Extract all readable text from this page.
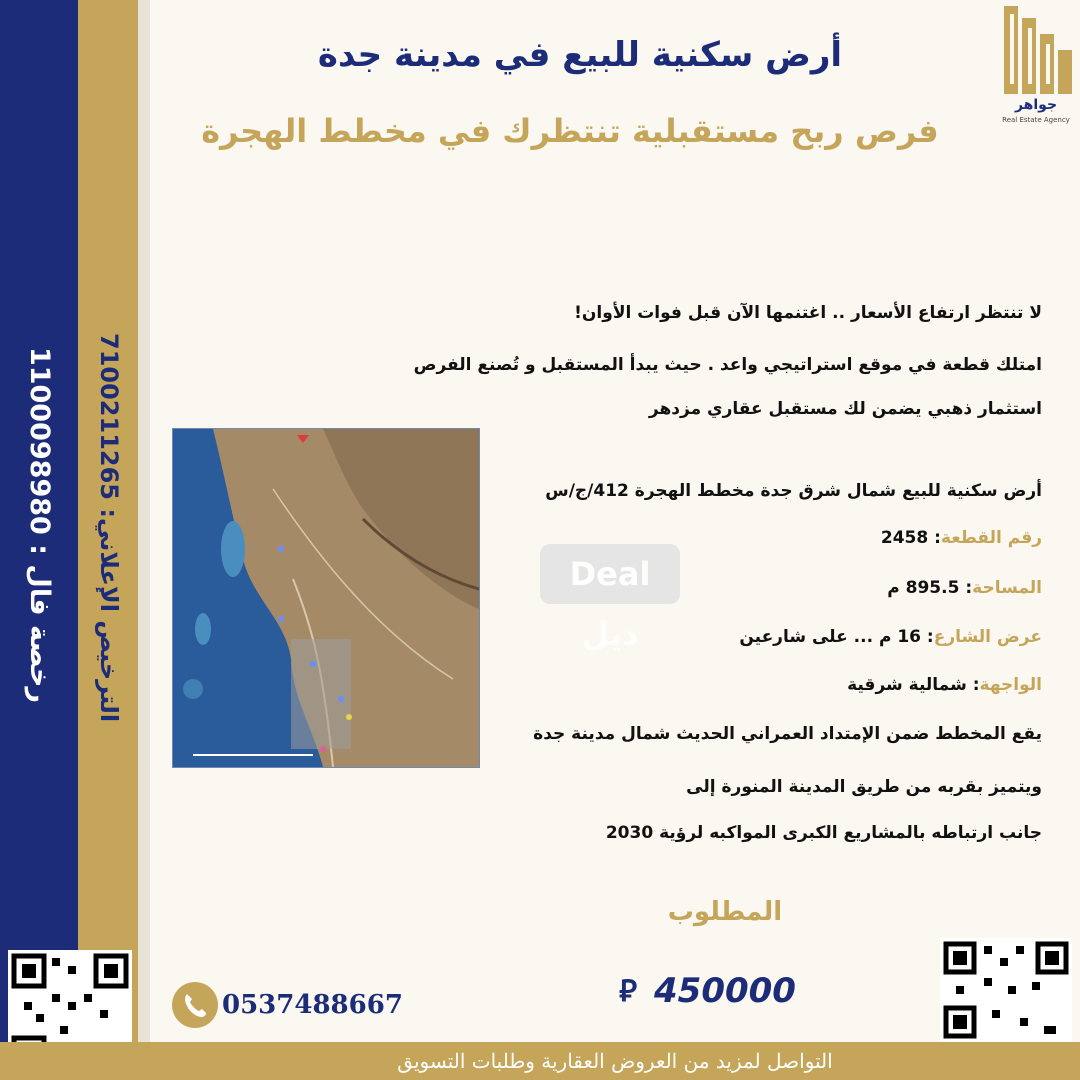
رخصة فال : 1100098980
الترخيص الإعلاني: 7100211265
أرض سكنية للبيع في مدينة جدة
فرص ربح مستقبلية تنتظرك في مخطط الهجرة
جواهر
Real Estate Agency
لا تنتظر ارتفاع الأسعار .. اغتنمها الآن قبل فوات الأوان!
امتلك قطعة في موقع استراتيجي واعد . حيث يبدأ المستقبل و تُصنع الفرص
استثمار ذهبي يضمن لك مستقبل عقاري مزدهر
أرض سكنية للبيع شمال شرق جدة مخطط الهجرة 412/ج/س
رقم القطعة: 2458
المساحة: 895.5 م
عرض الشارع: 16 م ... على شارعين
الواجهة: شمالية شرقية
يقع المخطط ضمن الإمتداد العمراني الحديث شمال مدينة جدة
ويتميز بقربه من طريق المدينة المنورة إلى
جانب ارتباطه بالمشاريع الكبرى المواكبه لرؤية 2030
Deal دیل
المطلوب
⃁ 450000
0537488667
التواصل لمزيد من العروض العقارية وطلبات التسويق
